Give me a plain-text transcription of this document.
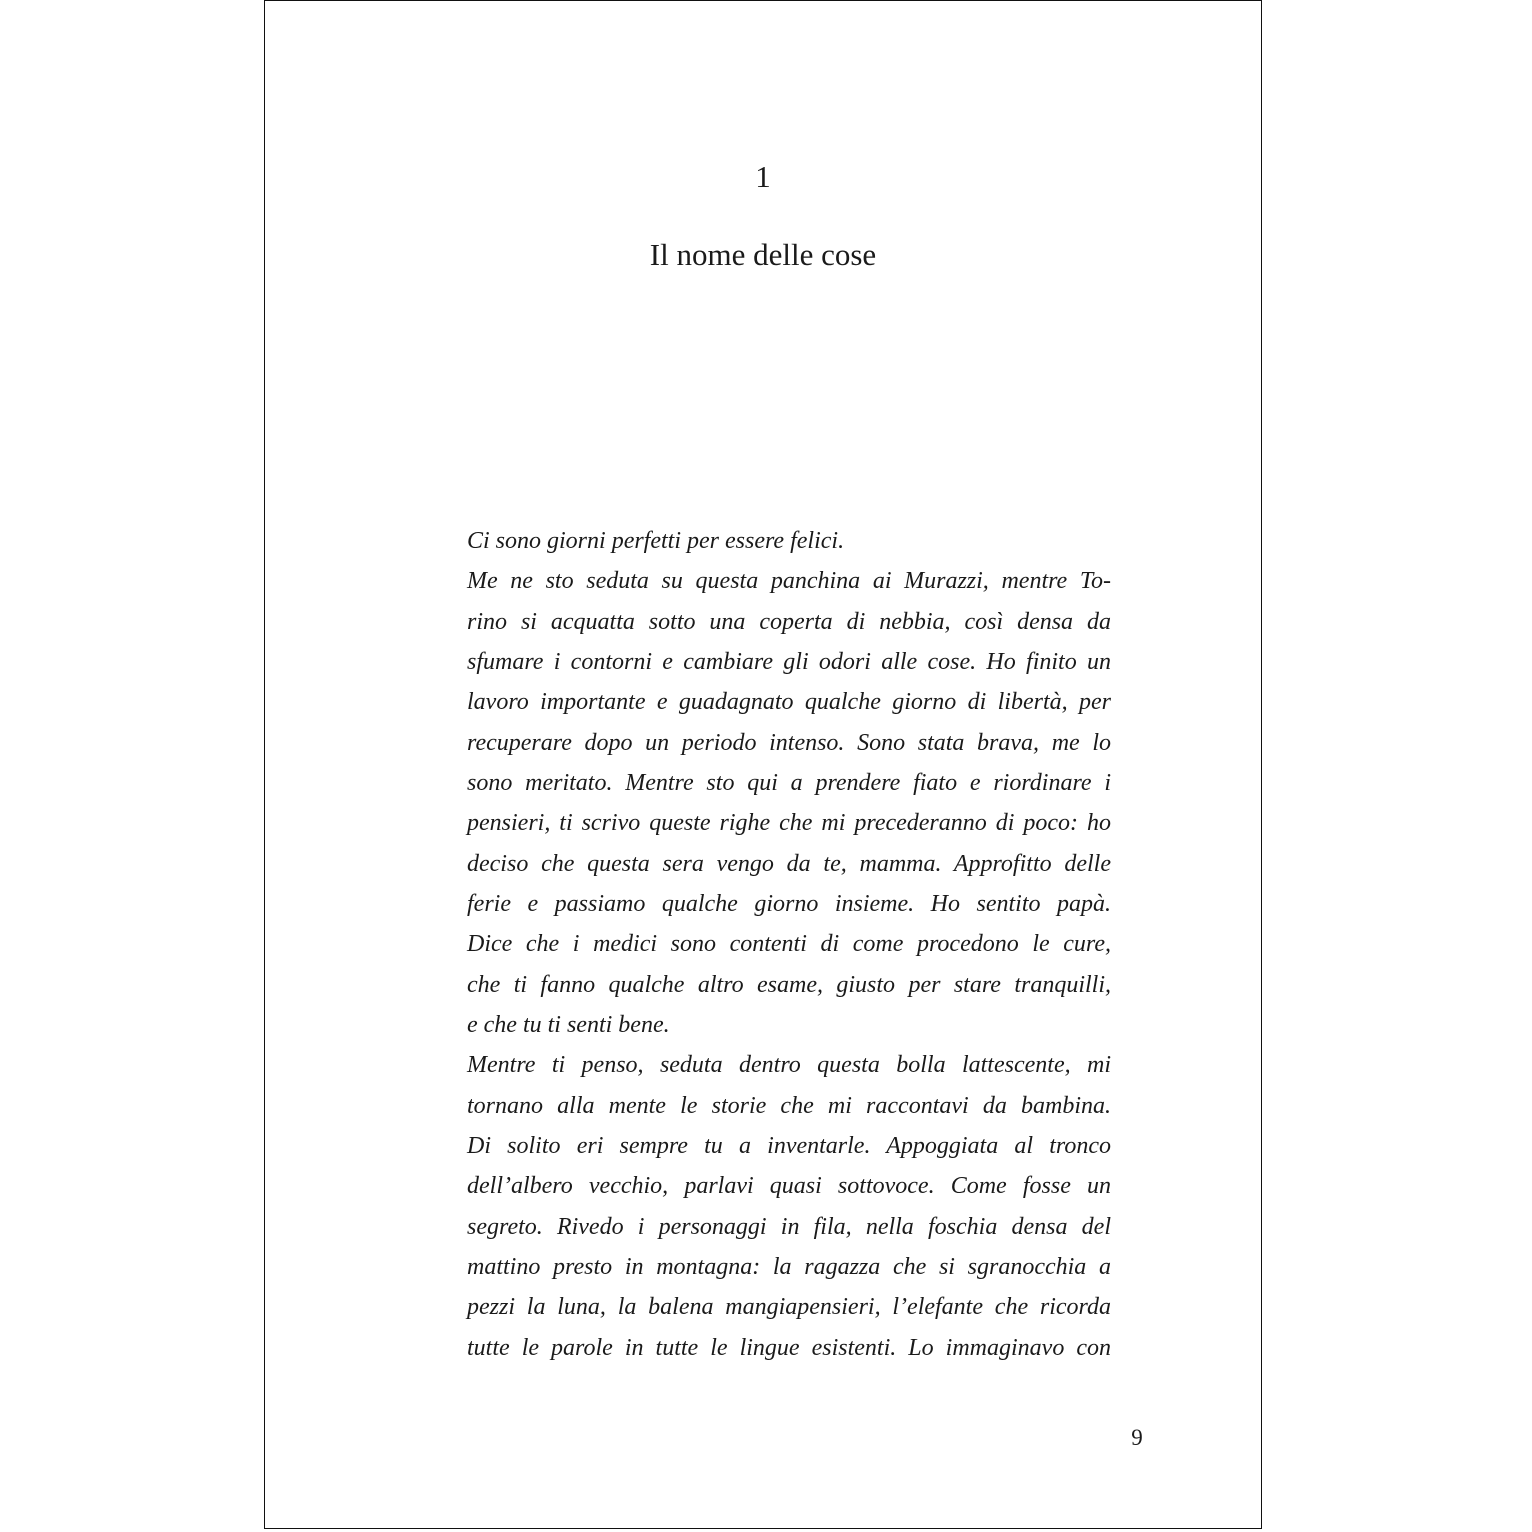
1
Il nome delle cose
Ci sono giorni perfetti per essere felici.
Me ne sto seduta su questa panchina ai Murazzi, mentre To-
rino si acquatta sotto una coperta di nebbia, così densa da
sfumare i contorni e cambiare gli odori alle cose. Ho finito un
lavoro importante e guadagnato qualche giorno di libertà, per
recuperare dopo un periodo intenso. Sono stata brava, me lo
sono meritato. Mentre sto qui a prendere fiato e riordinare i
pensieri, ti scrivo queste righe che mi precederanno di poco: ho
deciso che questa sera vengo da te, mamma. Approfitto delle
ferie e passiamo qualche giorno insieme. Ho sentito papà.
Dice che i medici sono contenti di come procedono le cure,
che ti fanno qualche altro esame, giusto per stare tranquilli,
e che tu ti senti bene.
Mentre ti penso, seduta dentro questa bolla lattescente, mi
tornano alla mente le storie che mi raccontavi da bambina.
Di solito eri sempre tu a inventarle. Appoggiata al tronco
dell’albero vecchio, parlavi quasi sottovoce. Come fosse un
segreto. Rivedo i personaggi in fila, nella foschia densa del
mattino presto in montagna: la ragazza che si sgranocchia a
pezzi la luna, la balena mangiapensieri, l’elefante che ricorda
tutte le parole in tutte le lingue esistenti. Lo immaginavo con
9
